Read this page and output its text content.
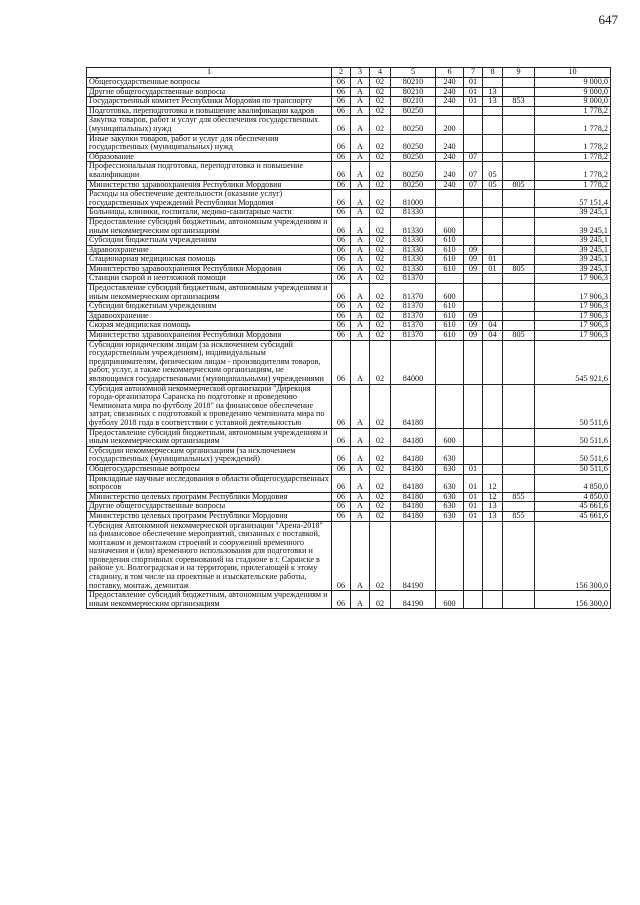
647
1	2	3	4	5	6	7	8	9	10
Общегосударственные вопросы	06	А	02	80210	240	01			9 000,0
Другие общегосударственные вопросы	06	А	02	80210	240	01	13		9 000,0
Государственный комитет Республики Мордовия по транспорту	06	А	02	80210	240	01	13	853	9 000,0
Подготовка, переподготовка и повышение квалификации кадров	06	А	02	80250					1 778,2
Закупка товаров, работ и услуг для обеспечения государственных (муниципальных) нужд	06	А	02	80250	200				1 778,2
Иные закупки товаров, работ и услуг для обеспечения государственных (муниципальных) нужд	06	А	02	80250	240				1 778,2
Образование	06	А	02	80250	240	07			1 778,2
Профессиональная подготовка, переподготовка и повышение квалификации	06	А	02	80250	240	07	05		1 778,2
Министерство здравоохранения Республики Мордовия	06	А	02	80250	240	07	05	805	1 778,2
Расходы на обеспечение деятельности (оказание услуг) государственных учреждений Республики Мордовия	06	А	02	81000					57 151,4
Больницы, клиники, госпитали, медико-санитарные части	06	А	02	81330					39 245,1
Предоставление субсидий бюджетным, автономным учреждениям и иным некоммерческим организациям	06	А	02	81330	600				39 245,1
Субсидии бюджетным учреждениям	06	А	02	81330	610				39 245,1
Здравоохранение	06	А	02	81330	610	09			39 245,1
Стационарная медицинская помощь	06	А	02	81330	610	09	01		39 245,1
Министерство здравоохранения Республики Мордовия	06	А	02	81330	610	09	01	805	39 245,1
Станции скорой и неотложной помощи	06	А	02	81370					17 906,3
Предоставление субсидий бюджетным, автономным учреждениям и иным некоммерческим организациям	06	А	02	81370	600				17 906,3
Субсидии бюджетным учреждениям	06	А	02	81370	610				17 906,3
Здравоохранение	06	А	02	81370	610	09			17 906,3
Скорая медицинская помощь	06	А	02	81370	610	09	04		17 906,3
Министерство здравоохранения Республики Мордовия	06	А	02	81370	610	09	04	805	17 906,3
Субсидии юридическим лицам (за исключением субсидий государственным учреждениям), индивидуальным предпринимателям, физическим лицам - производителям товаров, работ, услуг, а также некоммерческим организациям, не являющимся государственными (муниципальными) учреждениями	06	А	02	84000					545 921,6
Субсидия автономной некоммерческой организации "Дирекция города-организатора Саранска по подготовке и проведению Чемпионата мира по футболу 2018" на финансовое обеспечение затрат, связанных с подготовкой к проведению чемпионата мира по футболу 2018 года в соответствии с уставной деятельностью	06	А	02	84180					50 511,6
Предоставление субсидий бюджетным, автономным учреждениям и иным некоммерческим организациям	06	А	02	84180	600				50 511,6
Субсидии некоммерческим организациям (за исключением государственных (муниципальных) учреждений)	06	А	02	84180	630				50 511,6
Общегосударственные вопросы	06	А	02	84180	630	01			50 511,6
Прикладные научные исследования в области общегосударственных вопросов	06	А	02	84180	630	01	12		4 850,0
Министерство целевых программ Республики Мордовия	06	А	02	84180	630	01	12	855	4 850,0
Другие общегосударственные вопросы	06	А	02	84180	630	01	13		45 661,6
Министерство целевых программ Республики Мордовия	06	А	02	84180	630	01	13	855	45 661,6
Субсидия Автономной некоммерческой организации "Арена-2018" на финансовое обеспечение мероприятий, связанных с поставкой, монтажом и демонтажом строений и сооружений временного назначения и (или) временного использования для подготовки и проведения спортивных соревнований на стадионе в г. Саранске в районе ул. Волгоградская и на территории, прилегающей к этому стадиону, в том числе на проектные и изыскательские работы, поставку, монтаж, демонтаж	06	А	02	84190					156 300,0
Предоставление субсидий бюджетным, автономным учреждениям и иным некоммерческим организациям	06	А	02	84190	600				156 300,0
